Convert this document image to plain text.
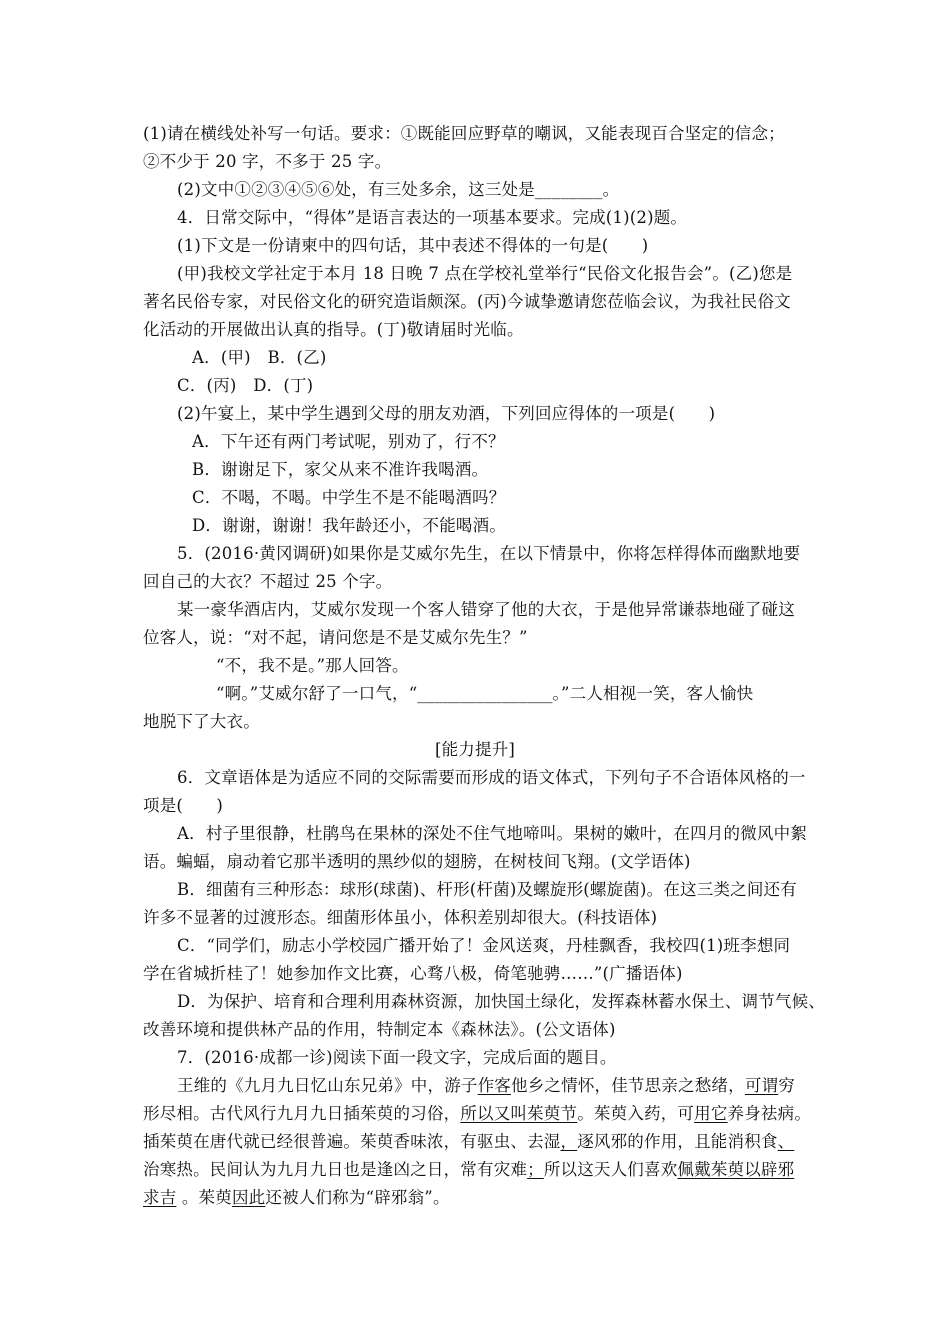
(1)请在横线处补写一句话。要求：①既能回应野草的嘲讽，又能表现百合坚定的信念；
②不少于 20 字，不多于 25 字。
(2)文中①②③④⑤⑥处，有三处多余，这三处是________。
4．日常交际中，“得体”是语言表达的一项基本要求。完成(1)(2)题。
(1)下文是一份请柬中的四句话，其中表述不得体的一句是(　　)
(甲)我校文学社定于本月 18 日晚 7 点在学校礼堂举行“民俗文化报告会”。(乙)您是
著名民俗专家，对民俗文化的研究造诣颇深。(丙)今诚挚邀请您莅临会议，为我社民俗文
化活动的开展做出认真的指导。(丁)敬请届时光临。
A．(甲)　B．(乙)
C．(丙)　D．(丁)
(2)午宴上，某中学生遇到父母的朋友劝酒，下列回应得体的一项是(　　)
A．下午还有两门考试呢，别劝了，行不？
B．谢谢足下，家父从来不准许我喝酒。
C．不喝，不喝。中学生不是不能喝酒吗？
D．谢谢，谢谢！我年龄还小，不能喝酒。
5．(2016·黄冈调研)如果你是艾威尔先生，在以下情景中，你将怎样得体而幽默地要
回自己的大衣？不超过 25 个字。
某一豪华酒店内，艾威尔发现一个客人错穿了他的大衣，于是他异常谦恭地碰了碰这
位客人，说：“对不起，请问您是不是艾威尔先生？”
“不，我不是。”那人回答。
“啊。”艾威尔舒了一口气，“________________。”二人相视一笑，客人愉快
地脱下了大衣。
[能力提升]
6．文章语体是为适应不同的交际需要而形成的语文体式，下列句子不合语体风格的一
项是(　　)
A．村子里很静，杜鹃鸟在果林的深处不住气地啼叫。果树的嫩叶，在四月的微风中絮
语。蝙蝠，扇动着它那半透明的黑纱似的翅膀，在树枝间飞翔。(文学语体)
B．细菌有三种形态：球形(球菌)、杆形(杆菌)及螺旋形(螺旋菌)。在这三类之间还有
许多不显著的过渡形态。细菌形体虽小，体积差别却很大。(科技语体)
C．“同学们，励志小学校园广播开始了！金风送爽，丹桂飘香，我校四(1)班李想同
学在省城折桂了！她参加作文比赛，心骛八极，倚笔驰骋……”(广播语体)
D．为保护、培育和合理利用森林资源，加快国土绿化，发挥森林蓄水保土、调节气候、
改善环境和提供林产品的作用，特制定本《森林法》。(公文语体)
7．(2016·成都一诊)阅读下面一段文字，完成后面的题目。
王维的《九月九日忆山东兄弟》中，游子作客他乡之情怀，佳节思亲之愁绪，可谓穷
形尽相。古代风行九月九日插茱萸的习俗，所以又叫茱萸节。茱萸入药，可用它养身祛病。
插茱萸在唐代就已经很普遍。茱萸香味浓，有驱虫、去湿，逐风邪的作用，且能消积食、
治寒热。民间认为九月九日也是逢凶之日，常有灾难；所以这天人们喜欢佩戴茱萸以辟邪
求吉 。茱萸因此还被人们称为“辟邪翁”。
